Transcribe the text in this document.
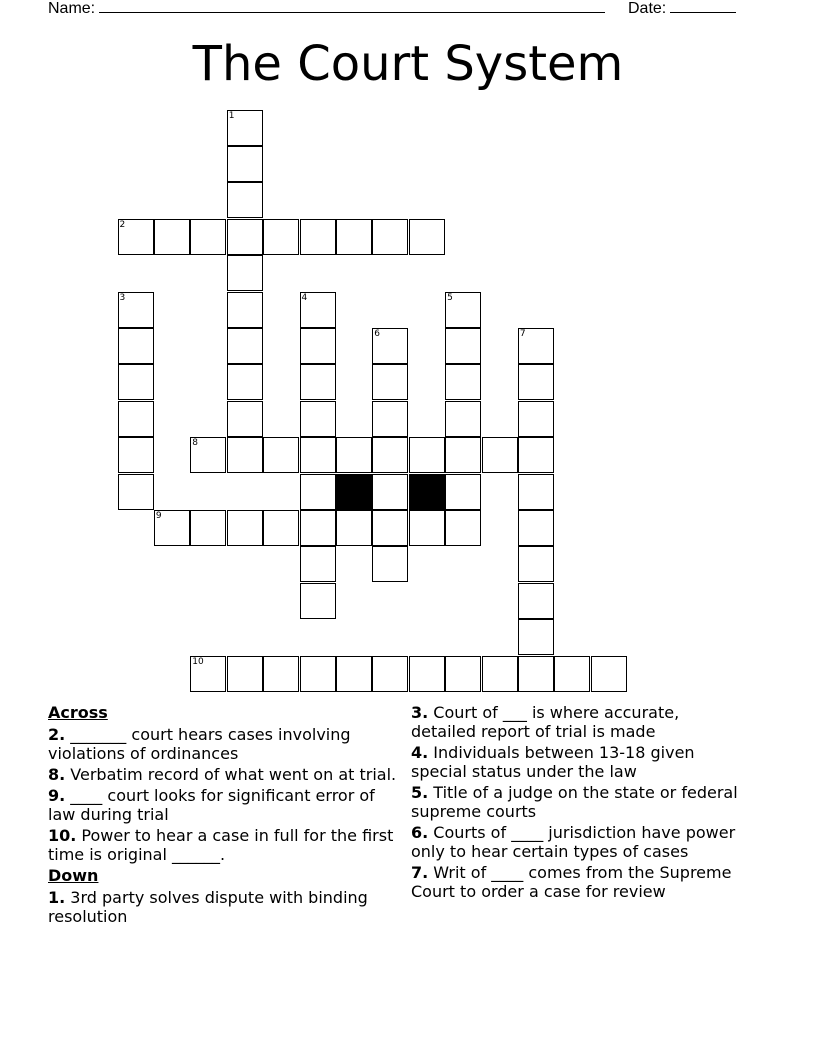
Name:	Date:
The Court System
1
2
3	4	5
6	7
8
9
10
Across
2. _______ court hears cases involving violations of ordinances
8. Verbatim record of what went on at trial.
9. ____ court looks for significant error of law during trial
10. Power to hear a case in full for the first time is original ______.
Down
1. 3rd party solves dispute with binding resolution
3. Court of ___ is where accurate, detailed report of trial is made
4. Individuals between 13-18 given special status under the law
5. Title of a judge on the state or federal supreme courts
6. Courts of ____ jurisdiction have power only to hear certain types of cases
7. Writ of ____ comes from the Supreme Court to order a case for review
